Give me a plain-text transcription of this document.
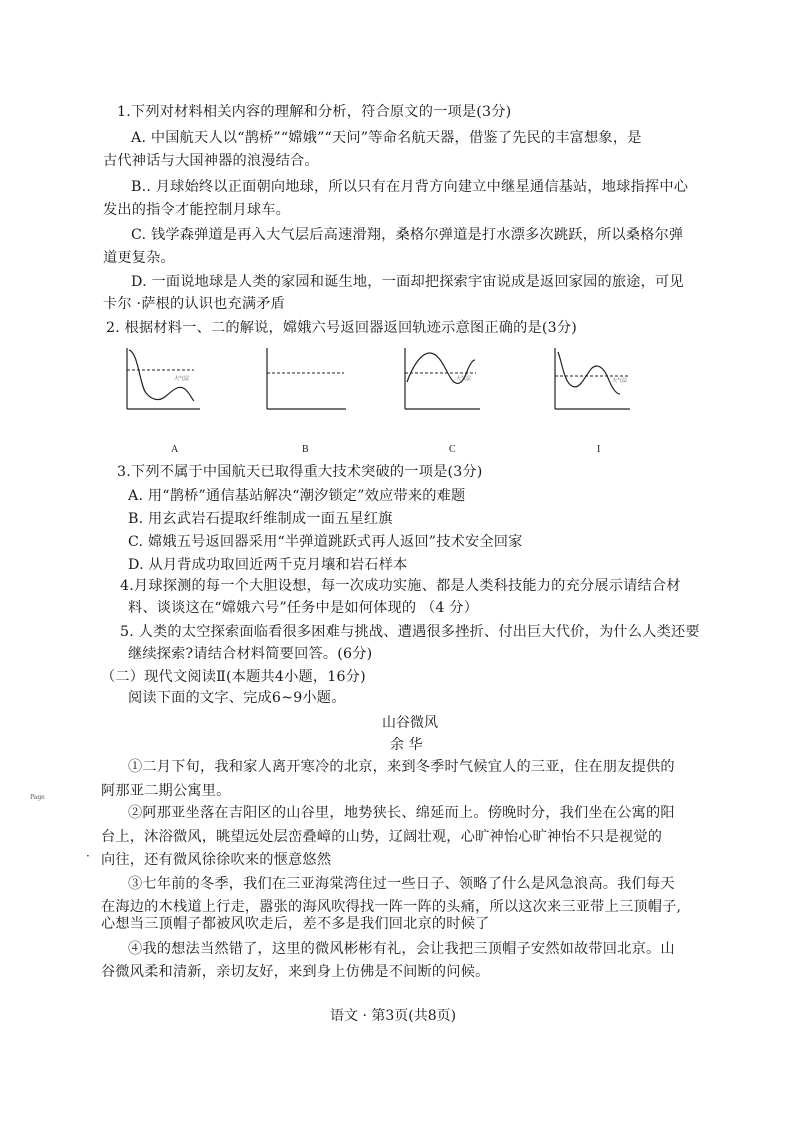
1.下列对材料相关内容的理解和分析，符合原文的一项是(3分)
A. 中国航天人以“鹊桥”“嫦娥”“天问”等命名航天器，借鉴了先民的丰富想象，是
古代神话与大国神器的浪漫结合。
B.. 月球始终以正面朝向地球，所以只有在月背方向建立中继星通信基站，地球指挥中心
发出的指令才能控制月球车。
C. 钱学森弹道是再入大气层后高速滑翔，桑格尔弹道是打水漂多次跳跃，所以桑格尔弹
道更复杂。
D. 一面说地球是人类的家园和诞生地，一面却把探索宇宙说成是返回家园的旅途，可见
卡尔 ·萨根的认识也充满矛盾
2. 根据材料一、二的解说，嫦娥六号返回器返回轨迹示意图正确的是(3分)
大气层	大气层	大气层
A	B	C	I
3.下列不属于中国航天已取得重大技术突破的一项是(3分)
A. 用“鹊桥”通信基站解决“潮汐锁定”效应带来的难题
B. 用玄武岩石提取纤维制成一面五星红旗
C. 嫦娥五号返回器采用“半弹道跳跃式再人返回”技术安全回家
D. 从月背成功取回近两千克月壤和岩石样本
4.月球探测的每一个大胆设想，每一次成功实施、都是人类科技能力的充分展示请结合材
料、谈谈这在“嫦娥六号”任务中是如何体现的 （4 分）
5. 人类的太空探索面临看很多困难与挑战、遭遇很多挫折、付出巨大代价，为什么人类还要
继续探索?请结合材料简要回答。(6分)
（二）现代文阅读Ⅱ(本题共4小题，16分)
阅读下面的文字、完成6~9小题。
山谷微风
余 华
①二月下旬，我和家人离开寒冷的北京，来到冬季时气候宜人的三亚，住在朋友提供的
阿那亚二期公寓里。
Page
②阿那亚坐落在吉阳区的山谷里，地势狭长、绵延而上。傍晚时分，我们坐在公寓的阳
台上，沐浴微风，眺望远处层峦叠嶂的山势，辽阔壮观，心旷神怡心旷神怡不只是视觉的
· 向往，还有微风徐徐吹来的惬意悠然
③七年前的冬季，我们在三亚海棠湾住过一些日子、领略了什么是风急浪高。我们每天
在海边的木栈道上行走，嚣张的海风吹得找一阵一阵的头痛，所以这次来三亚带上三顶帽子,
心想当三顶帽子都被风吹走后，差不多是我们回北京的时候了
④我的想法当然错了，这里的微风彬彬有礼，会让我把三顶帽子安然如故带回北京。山
谷微风柔和清新，亲切友好，来到身上仿佛是不间断的问候。
语文 · 第3页(共8页)
